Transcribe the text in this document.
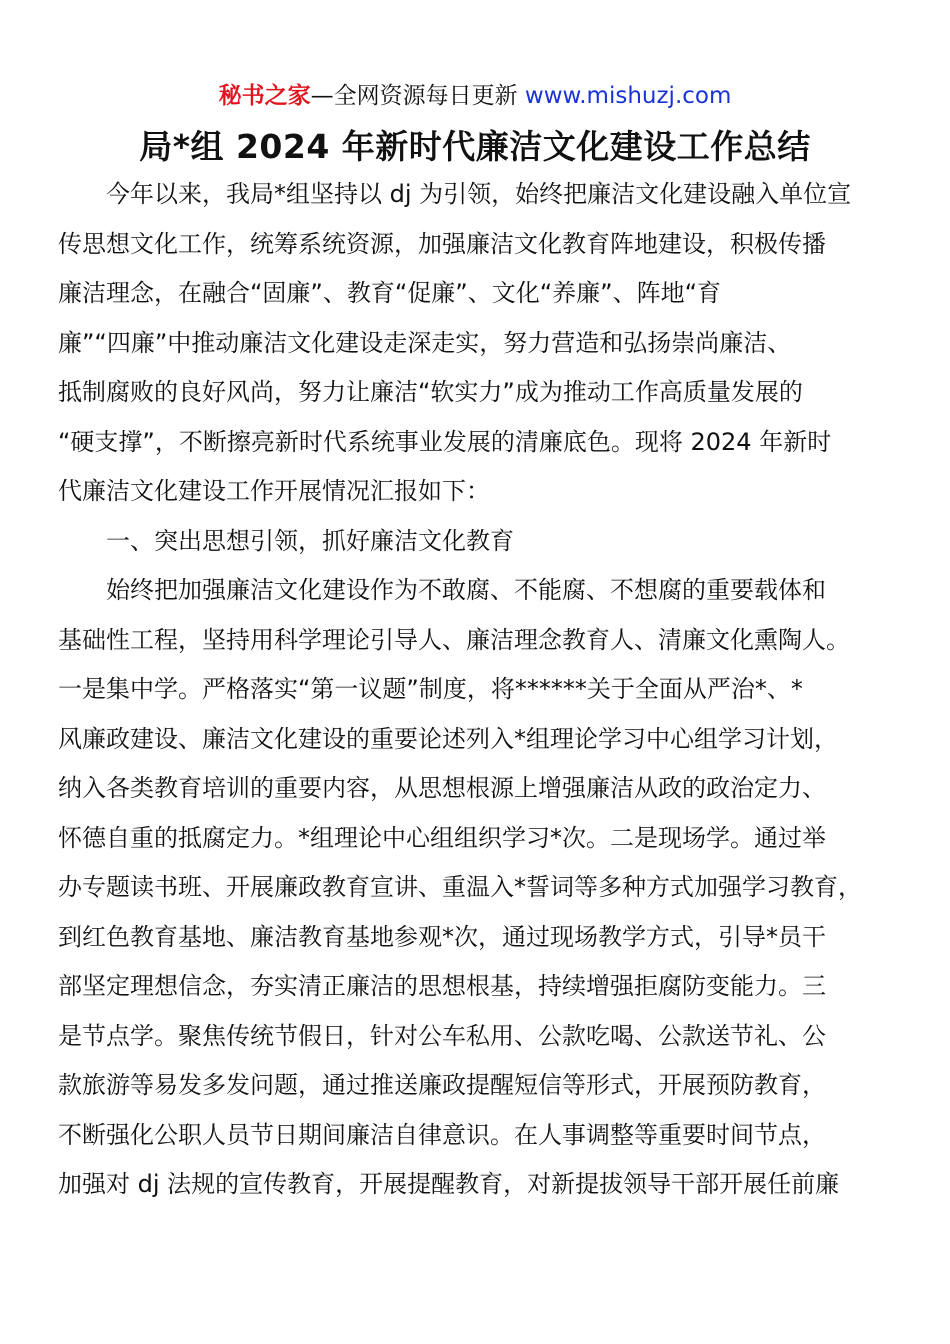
秘书之家—全网资源每日更新 www.mishuzj.com
局*组 2024 年新时代廉洁文化建设工作总结
今年以来，我局*组坚持以 dj 为引领，始终把廉洁文化建设融入单位宣
传思想文化工作，统筹系统资源，加强廉洁文化教育阵地建设，积极传播
廉洁理念，在融合“固廉”、教育“促廉”、文化“养廉”、阵地“育
廉”“四廉”中推动廉洁文化建设走深走实，努力营造和弘扬崇尚廉洁、
抵制腐败的良好风尚，努力让廉洁“软实力”成为推动工作高质量发展的
“硬支撑”，不断擦亮新时代系统事业发展的清廉底色。现将 2024 年新时
代廉洁文化建设工作开展情况汇报如下：
一、突出思想引领，抓好廉洁文化教育
始终把加强廉洁文化建设作为不敢腐、不能腐、不想腐的重要载体和
基础性工程，坚持用科学理论引导人、廉洁理念教育人、清廉文化熏陶人。
一是集中学。严格落实“第一议题”制度，将******关于全面从严治*、*
风廉政建设、廉洁文化建设的重要论述列入*组理论学习中心组学习计划，
纳入各类教育培训的重要内容，从思想根源上增强廉洁从政的政治定力、
怀德自重的抵腐定力。*组理论中心组组织学习*次。二是现场学。通过举
办专题读书班、开展廉政教育宣讲、重温入*誓词等多种方式加强学习教育，
到红色教育基地、廉洁教育基地参观*次，通过现场教学方式，引导*员干
部坚定理想信念，夯实清正廉洁的思想根基，持续增强拒腐防变能力。三
是节点学。聚焦传统节假日，针对公车私用、公款吃喝、公款送节礼、公
款旅游等易发多发问题，通过推送廉政提醒短信等形式，开展预防教育，
不断强化公职人员节日期间廉洁自律意识。在人事调整等重要时间节点，
加强对 dj 法规的宣传教育，开展提醒教育，对新提拔领导干部开展任前廉
